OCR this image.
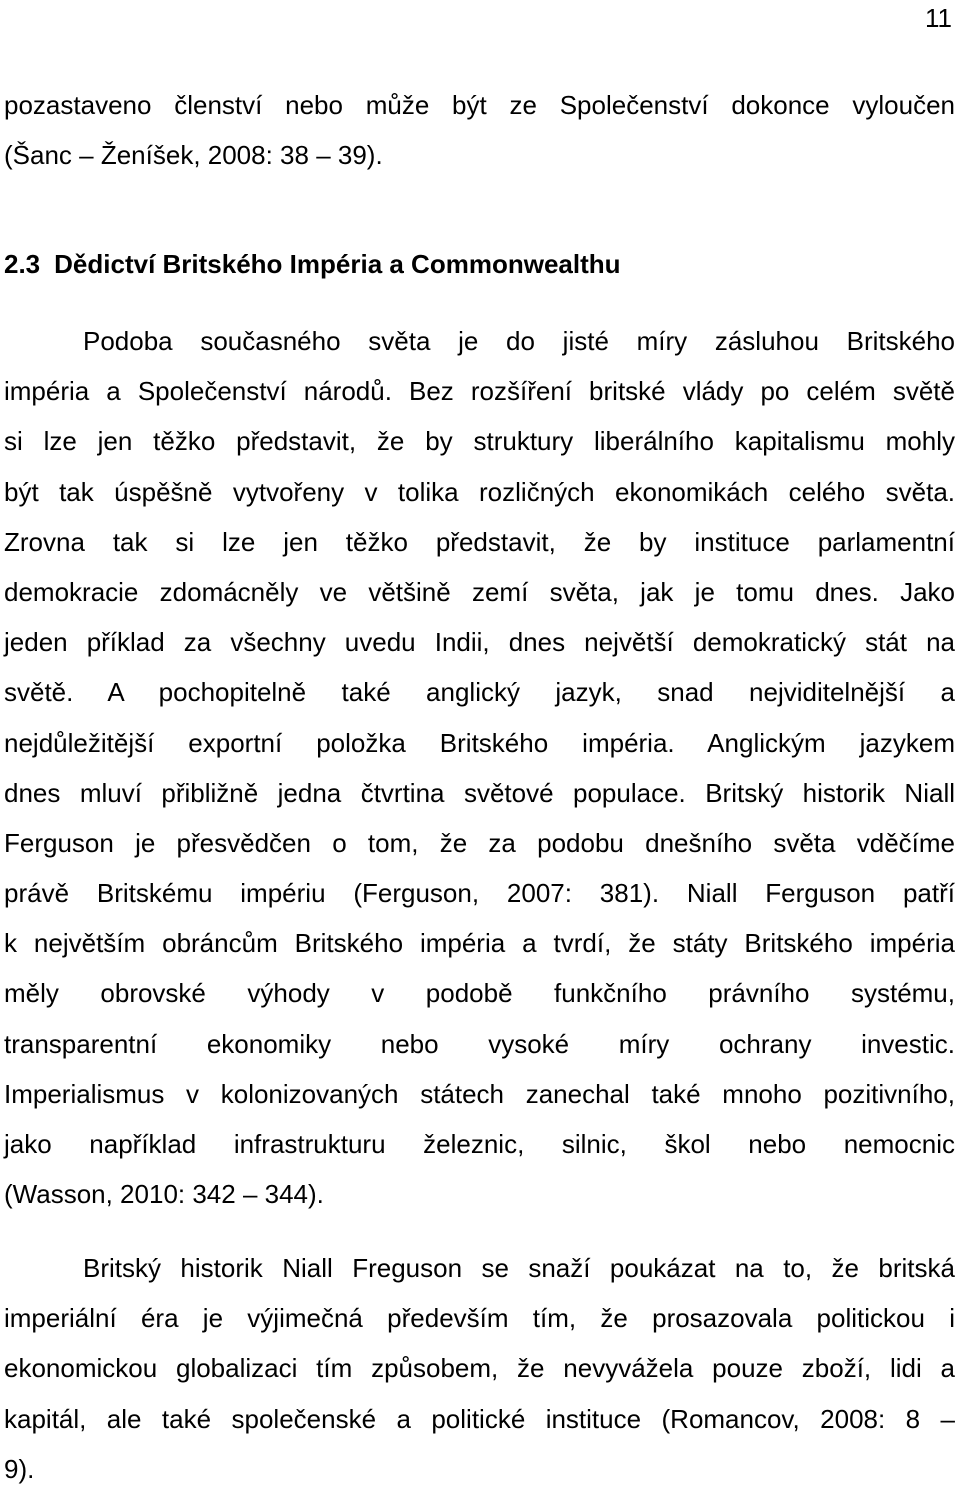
11
pozastaveno členství nebo může být ze Společenství dokonce vyloučen
(Šanc – Ženíšek, 2008: 38 – 39).
2.3 Dědictví Britského Impéria a Commonwealthu
Podoba současného světa je do jisté míry zásluhou Britského
impéria a Společenství národů. Bez rozšíření britské vlády po celém světě
si lze jen těžko představit, že by struktury liberálního kapitalismu mohly
být tak úspěšně vytvořeny v tolika rozličných ekonomikách celého světa.
Zrovna tak si lze jen těžko představit, že by instituce parlamentní
demokracie zdomácněly ve většině zemí světa, jak je tomu dnes. Jako
jeden příklad za všechny uvedu Indii, dnes největší demokratický stát na
světě. A pochopitelně také anglický jazyk, snad nejviditelnější a
nejdůležitější exportní položka Britského impéria. Anglickým jazykem
dnes mluví přibližně jedna čtvrtina světové populace. Britský historik Niall
Ferguson je přesvědčen o tom, že za podobu dnešního světa vděčíme
právě Britskému impériu (Ferguson, 2007: 381). Niall Ferguson patří
k největším obráncům Britského impéria a tvrdí, že státy Britského impéria
měly obrovské výhody v podobě funkčního právního systému,
transparentní ekonomiky nebo vysoké míry ochrany investic.
Imperialismus v kolonizovaných státech zanechal také mnoho pozitivního,
jako například infrastrukturu železnic, silnic, škol nebo nemocnic
(Wasson, 2010: 342 – 344).
Britský historik Niall Freguson se snaží poukázat na to, že britská
imperiální éra je výjimečná především tím, že prosazovala politickou i
ekonomickou globalizaci tím způsobem, že nevyvážela pouze zboží, lidi a
kapitál, ale také společenské a politické instituce (Romancov, 2008: 8 –
9).
